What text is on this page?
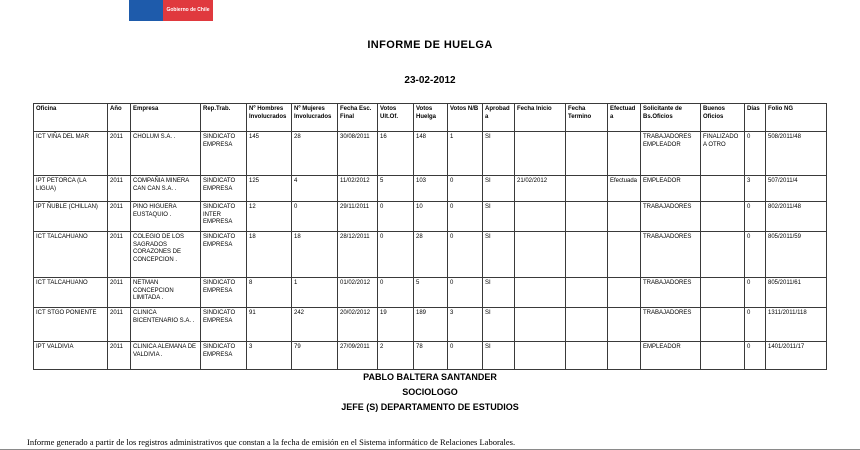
Gobierno de Chile
INFORME DE HUELGA
23-02-2012
Oficina	Año	Empresa	Rep.Trab.	Nº Hombres Involucrados	Nº Mujeres Involucrados	Fecha Esc. Final	Votos Ult.Of.	Votos Huelga	Votos N/B	Aprobada	Fecha Inicio	Fecha Termino	Efectuada	Solicitante de Bs.Oficios	Buenos Oficios	Días	Folio NG
ICT VIÑA DEL MAR	2011	CHOLUM S.A. .	SINDICATO EMPRESA	145	28	30/08/2011	16	148	1	SI				TRABAJADORES EMPLEADOR	FINALIZADO A OTRO	0	508/2011/48
IPT PETORCA (LA LIGUA)	2011	COMPAÑIA MINERA CAN CAN S.A. .	SINDICATO EMPRESA	125	4	11/02/2012	5	103	0	SI	21/02/2012		Efectuada	EMPLEADOR		3	507/2011/4
IPT ÑUBLE (CHILLAN)	2011	PINO HIGUERA EUSTAQUIO .	SINDICATO INTER EMPRESA	12	0	29/11/2011	0	10	0	SI				TRABAJADORES		0	802/2011/48
ICT TALCAHUANO	2011	COLEGIO DE LOS SAGRADOS CORAZONES DE CONCEPCION .	SINDICATO EMPRESA	18	18	28/12/2011	0	28	0	SI				TRABAJADORES		0	805/2011/59
ICT TALCAHUANO	2011	NETMAN CONCEPCION LIMITADA .	SINDICATO EMPRESA	8	1	01/02/2012	0	5	0	SI				TRABAJADORES		0	805/2011/61
ICT STGO PONIENTE	2011	CLINICA BICENTENARIO S.A. .	SINDICATO EMPRESA	91	242	20/02/2012	19	189	3	SI				TRABAJADORES		0	1311/2011/118
IPT VALDIVIA	2011	CLINICA ALEMANA DE VALDIVIA .	SINDICATO EMPRESA	3	79	27/09/2011	2	78	0	SI				EMPLEADOR		0	1401/2011/17
PABLO BALTERA SANTANDER
SOCIOLOGO
JEFE (S) DEPARTAMENTO DE ESTUDIOS
Informe generado a partir de los registros administrativos que constan a la fecha de emisión en el Sistema informático de Relaciones Laborales.
